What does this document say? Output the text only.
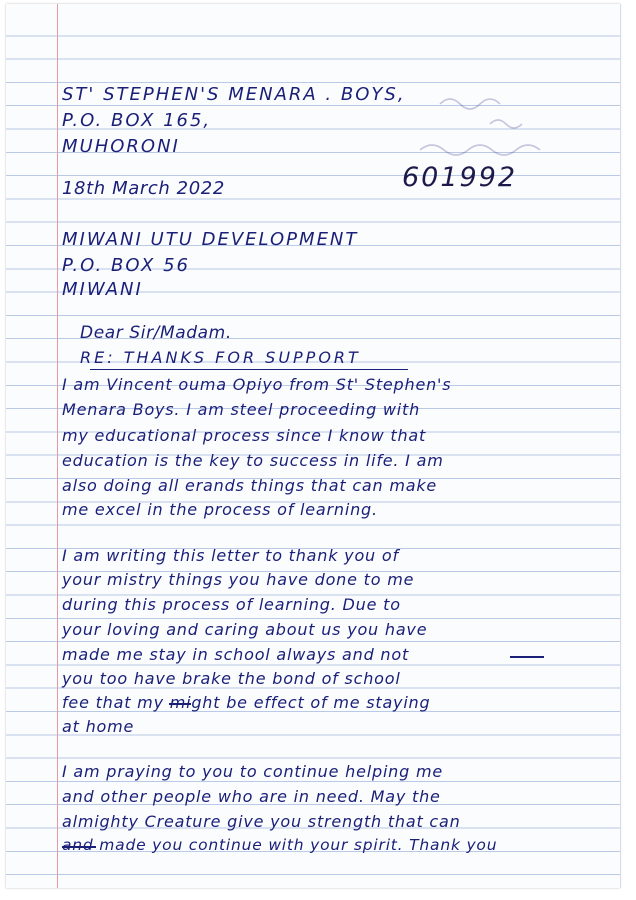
ST' STEPHEN'S MENARA . BOYS,
P.O. BOX 165,
MUHORONI
601992
18th March 2022
MIWANI UTU DEVELOPMENT
P.O. BOX 56
MIWANI
Dear Sir/Madam.
RE: THANKS FOR SUPPORT
I am Vincent ouma Opiyo from St' Stephen's
Menara Boys. I am steel proceeding with
my educational process since I know that
education is the key to success in life. I am
also doing all erands things that can make
me excel in the process of learning.
I am writing this letter to thank you of
your mistry things you have done to me
during this process of learning. Due to
your loving and caring about us you have
made me stay in school always and not
you too have brake the bond of school
fee that my might be effect of me staying
at home
I am praying to you to continue helping me
and other people who are in need. May the
almighty Creature give you strength that can
and made you continue with your spirit. Thank you
